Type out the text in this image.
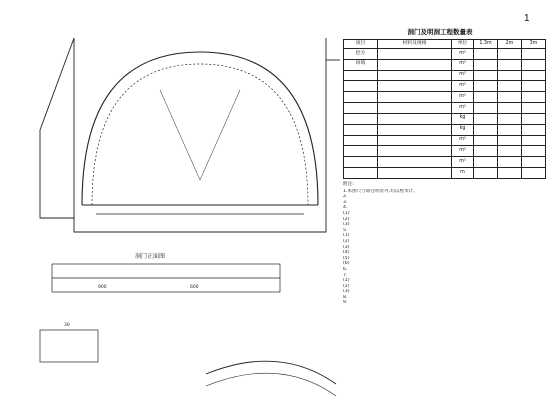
1
洞门及明洞工程数量表
项目	材料及规格	单位	1.3m	2m	3m
挖方		m³			
回填		m³			
		m³			
		m³			
		m³			
		m³			
		kg			
		kg			
		m²			
		m²			
		m³			
		m			
附注:
1.本图尺寸除注明者外,均以厘米计。
2.
3.
4.
(1)
(2)
(3)
5.
(1)
(2)
(3)
(4)
(5)
(6)
6.
7.
(1)
(2)
(3)
8.
9.
洞门正面图
900	600
30
